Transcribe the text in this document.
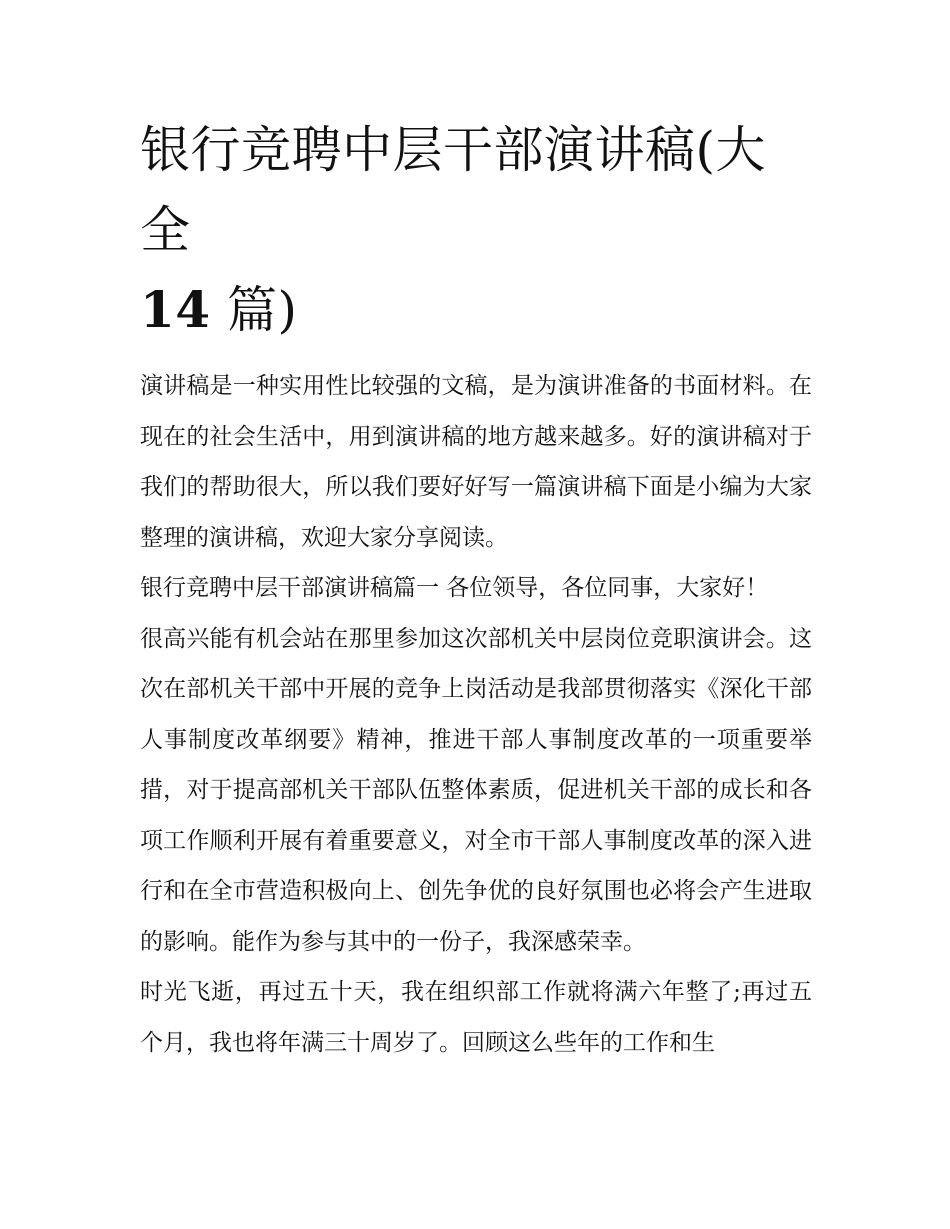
银行竞聘中层干部演讲稿(大全
14 篇)

演讲稿是一种实用性比较强的文稿，是为演讲准备的书面材料。在现在的社会生活中，用到演讲稿的地方越来越多。好的演讲稿对于我们的帮助很大，所以我们要好好写一篇演讲稿下面是小编为大家整理的演讲稿，欢迎大家分享阅读。

银行竞聘中层干部演讲稿篇一 各位领导，各位同事，大家好！

很高兴能有机会站在那里参加这次部机关中层岗位竞职演讲会。这次在部机关干部中开展的竞争上岗活动是我部贯彻落实《深化干部人事制度改革纲要》精神，推进干部人事制度改革的一项重要举措，对于提高部机关干部队伍整体素质，促进机关干部的成长和各项工作顺利开展有着重要意义，对全市干部人事制度改革的深入进行和在全市营造积极向上、创先争优的良好氛围也必将会产生进取的影响。能作为参与其中的一份子，我深感荣幸。

时光飞逝，再过五十天，我在组织部工作就将满六年整了;再过五个月，我也将年满三十周岁了。回顾这么些年的工作和生
